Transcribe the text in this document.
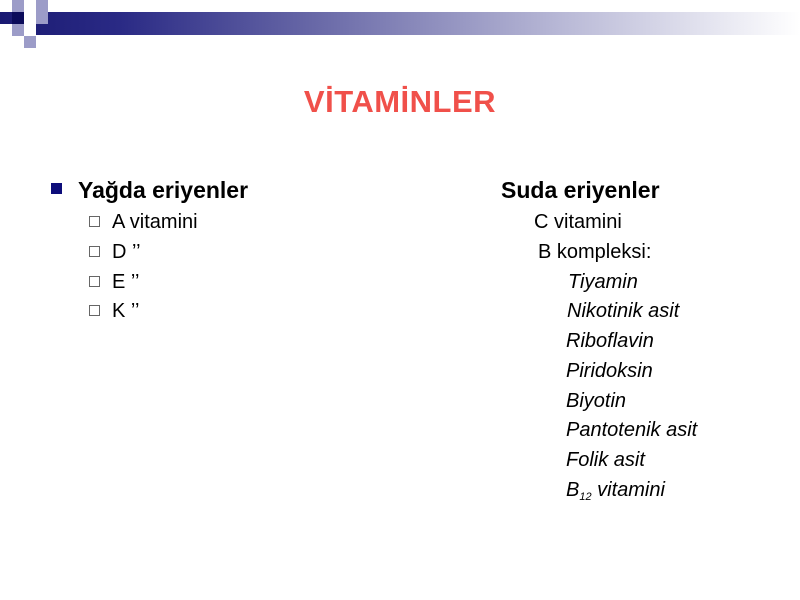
VİTAMİNLER
Yağda eriyenler
A vitamini
D ’’
E ’’
K ’’
Suda eriyenler
C vitamini
B kompleksi:
Tiyamin
Nikotinik asit
Riboflavin
Piridoksin
Biyotin
Pantotenik asit
Folik asit
$B_{12}$ vitamini
